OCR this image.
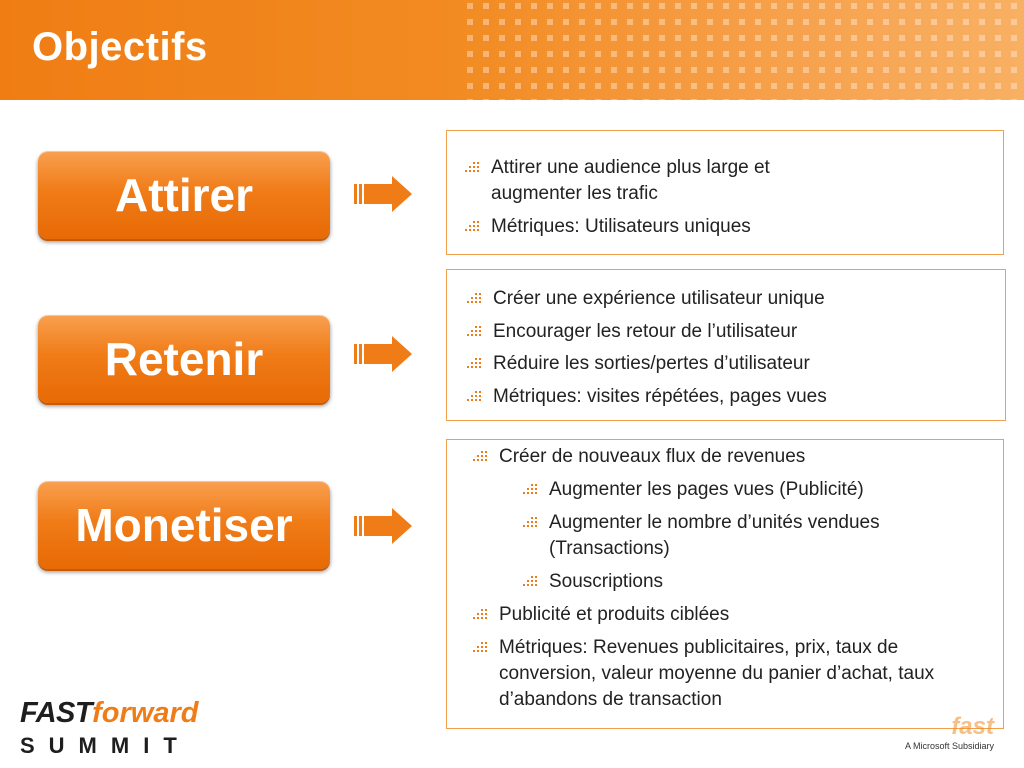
Objectifs
Attirer
Retenir
Monetiser
Attirer une audience plus large et augmenter les trafic
Métriques: Utilisateurs uniques
Créer une expérience utilisateur unique
Encourager les retour de l’utilisateur
Réduire les sorties/pertes d’utilisateur
Métriques: visites répétées, pages vues
Créer de nouveaux flux de revenues
Augmenter les pages vues (Publicité)
Augmenter le nombre d’unités vendues (Transactions)
Souscriptions
Publicité et produits ciblées
Métriques: Revenues publicitaires, prix, taux de conversion, valeur moyenne du panier d’achat, taux d’abandons de transaction
FASTforward
SUMMIT
fast
A Microsoft Subsidiary
